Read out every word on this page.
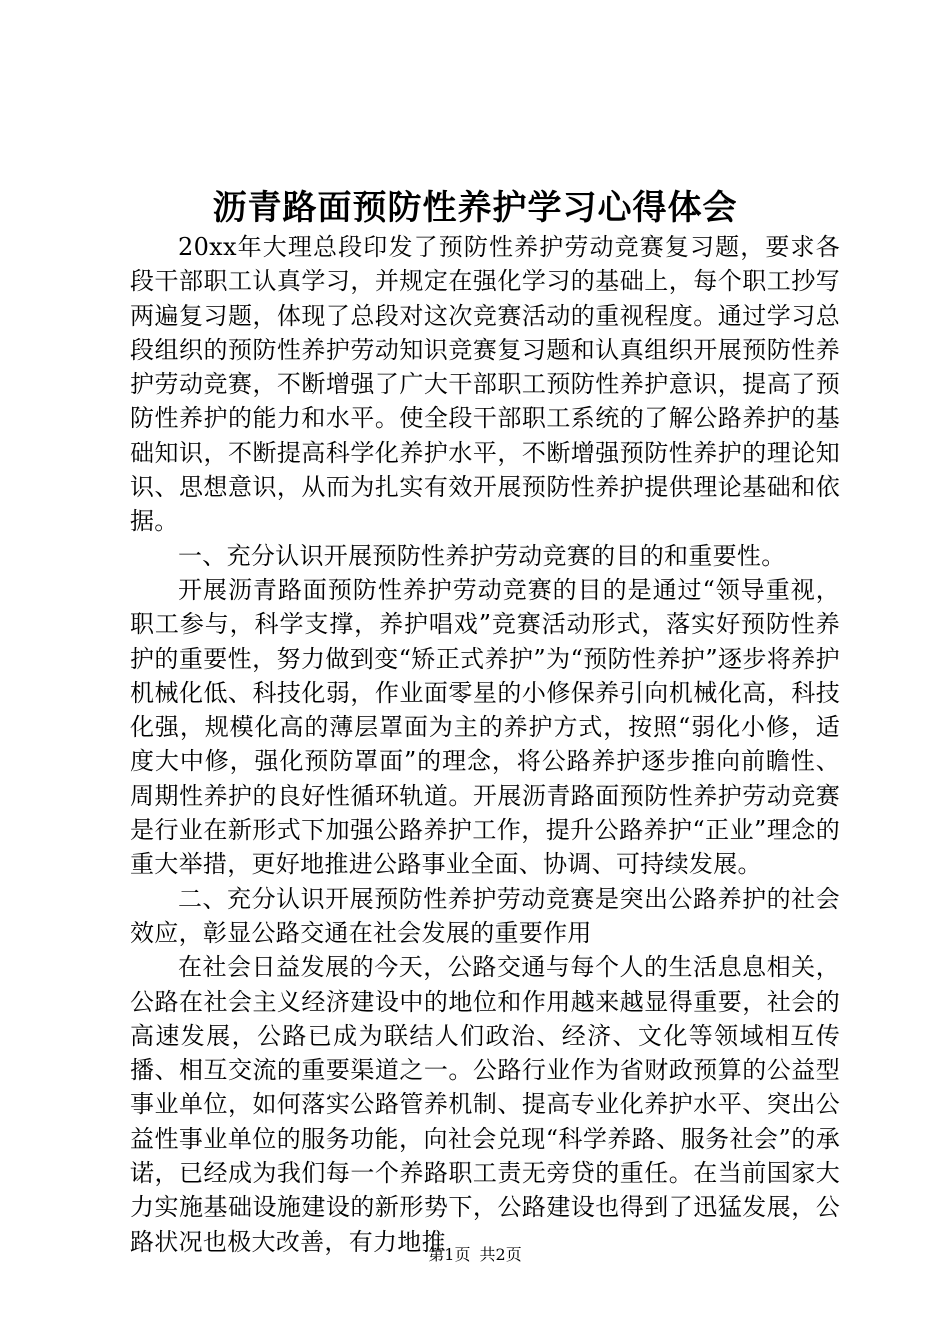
沥青路面预防性养护学习心得体会

20xx年大理总段印发了预防性养护劳动竞赛复习题，要求各段干部职工认真学习，并规定在强化学习的基础上，每个职工抄写两遍复习题，体现了总段对这次竞赛活动的重视程度。通过学习总段组织的预防性养护劳动知识竞赛复习题和认真组织开展预防性养护劳动竞赛，不断增强了广大干部职工预防性养护意识，提高了预防性养护的能力和水平。使全段干部职工系统的了解公路养护的基础知识，不断提高科学化养护水平，不断增强预防性养护的理论知识、思想意识，从而为扎实有效开展预防性养护提供理论基础和依据。

一、充分认识开展预防性养护劳动竞赛的目的和重要性。

开展沥青路面预防性养护劳动竞赛的目的是通过“领导重视，职工参与，科学支撑，养护唱戏”竞赛活动形式，落实好预防性养护的重要性，努力做到变“矫正式养护”为“预防性养护”逐步将养护机械化低、科技化弱，作业面零星的小修保养引向机械化高，科技化强，规模化高的薄层罩面为主的养护方式，按照“弱化小修，适度大中修，强化预防罩面”的理念，将公路养护逐步推向前瞻性、周期性养护的良好性循环轨道。开展沥青路面预防性养护劳动竞赛是行业在新形式下加强公路养护工作，提升公路养护“正业”理念的重大举措，更好地推进公路事业全面、协调、可持续发展。

二、充分认识开展预防性养护劳动竞赛是突出公路养护的社会效应，彰显公路交通在社会发展的重要作用

在社会日益发展的今天，公路交通与每个人的生活息息相关，公路在社会主义经济建设中的地位和作用越来越显得重要，社会的高速发展，公路已成为联结人们政治、经济、文化等领域相互传播、相互交流的重要渠道之一。公路行业作为省财政预算的公益型事业单位，如何落实公路管养机制、提高专业化养护水平、突出公益性事业单位的服务功能，向社会兑现“科学养路、服务社会”的承诺，已经成为我们每一个养路职工责无旁贷的重任。在当前国家大力实施基础设施建设的新形势下，公路建设也得到了迅猛发展，公路状况也极大改善，有力地推

第1页 共2页
